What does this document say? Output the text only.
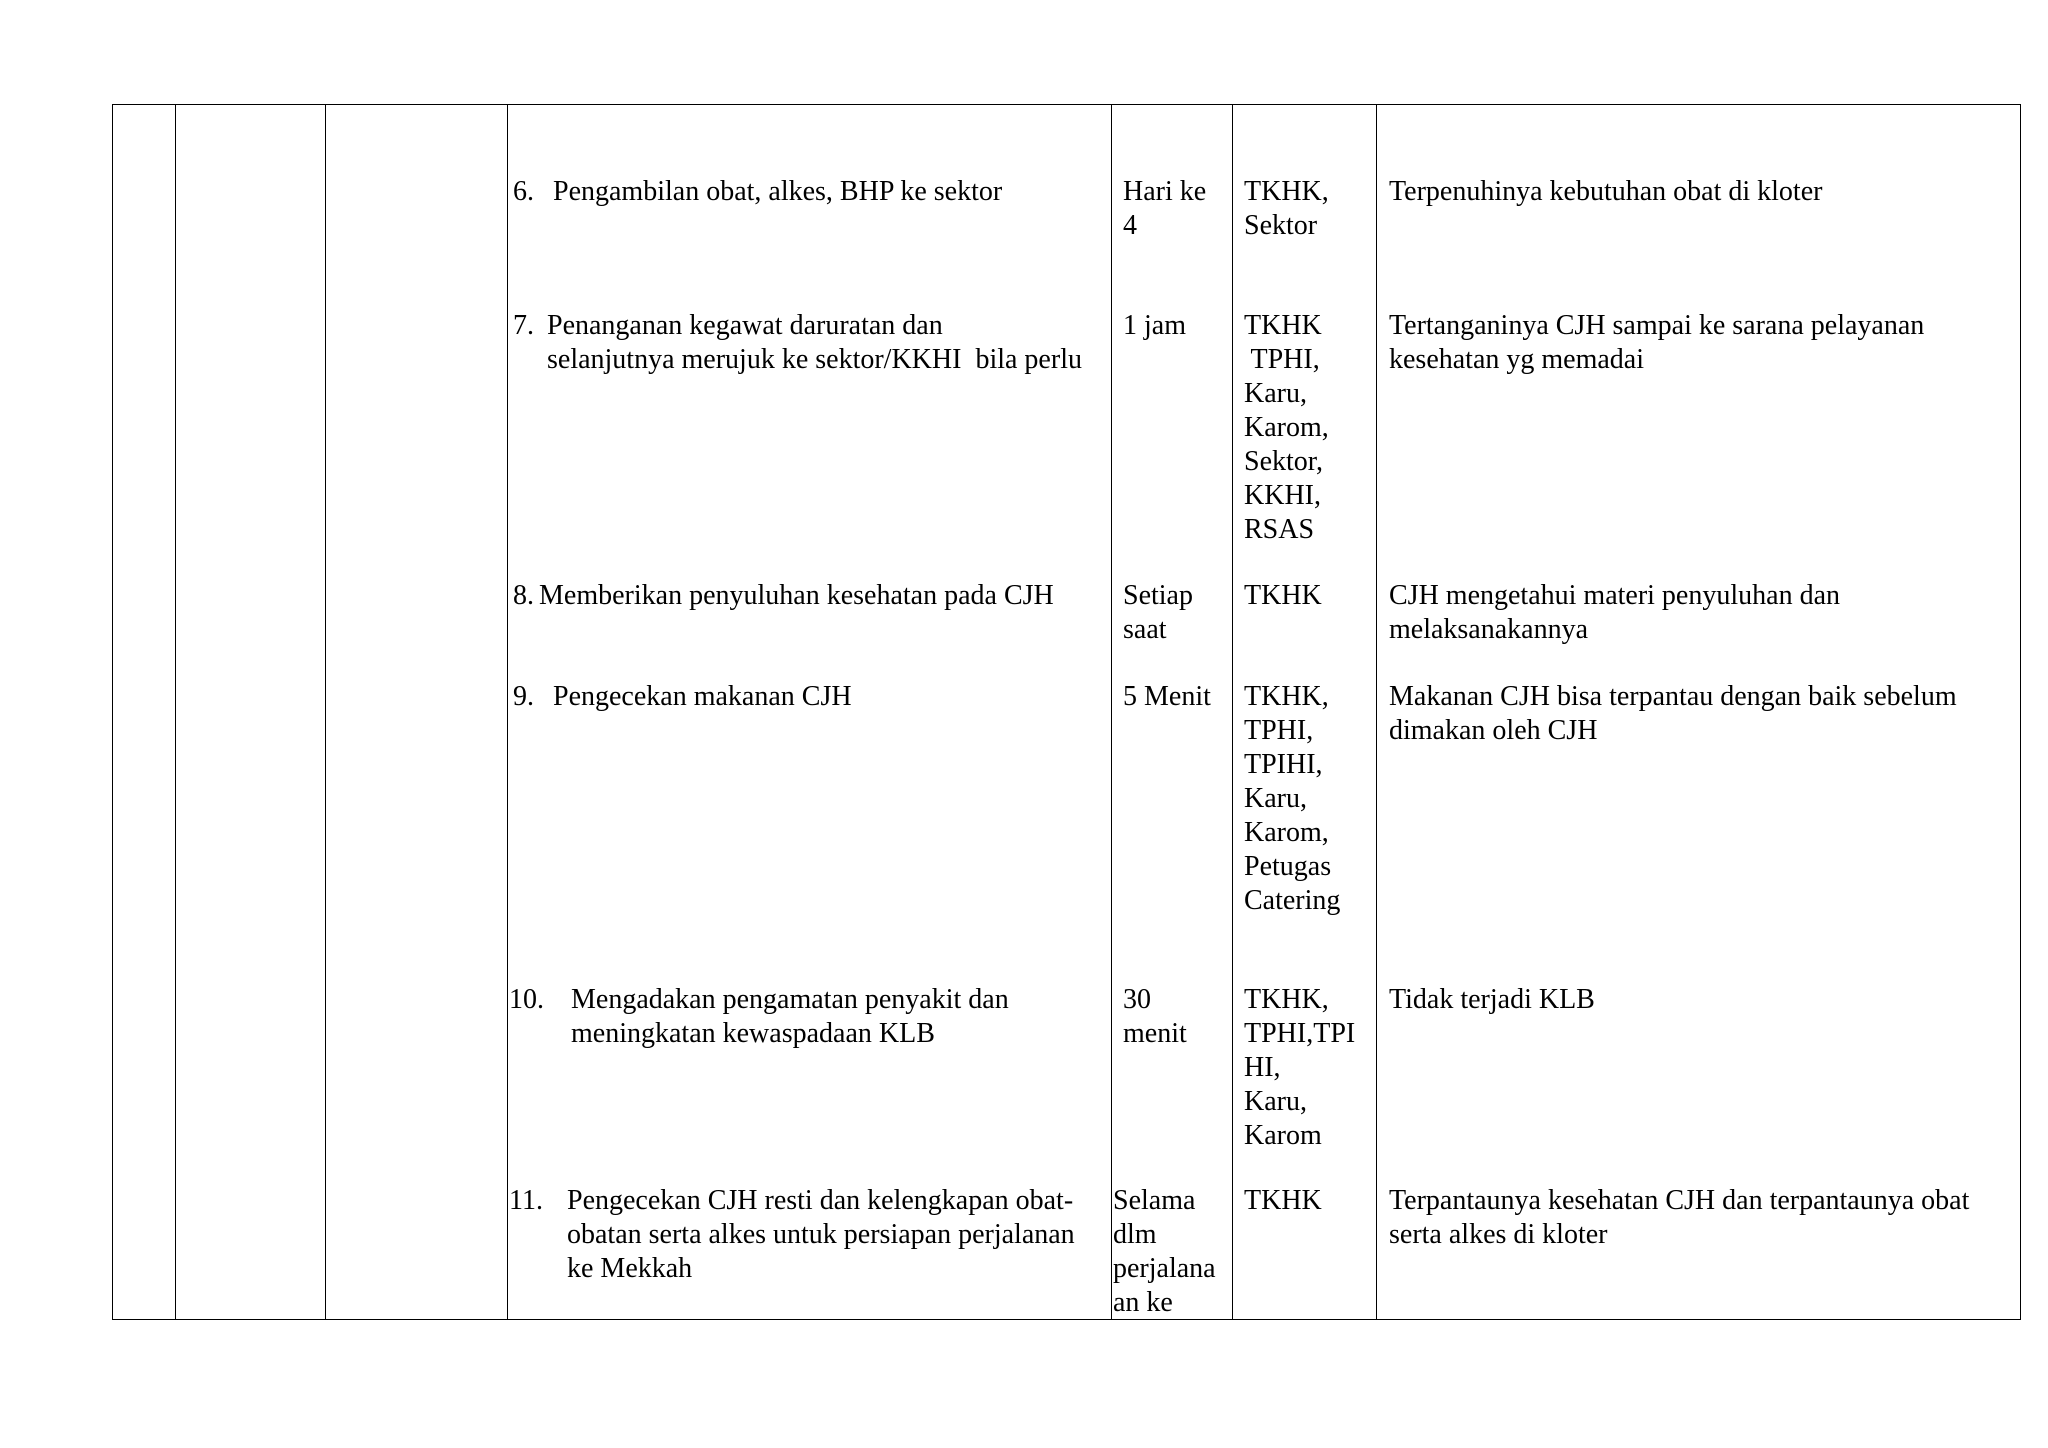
6. Pengambilan obat, alkes, BHP ke sektor	Hari ke
4
TKHK,
Sektor
Terpenuhinya kebutuhan obat di kloter
7. Penanganan kegawat daruratan dan
selanjutnya merujuk ke sektor/KKHI  bila perlu
1 jam TKHK
TPHI,
Karu,
Karom,
Sektor,
KKHI,
RSAS
Tertanganinya CJH sampai ke sarana pelayanan
kesehatan yg memadai
8. Memberikan penyuluhan kesehatan pada CJH Setiap
saat
TKHK CJH mengetahui materi penyuluhan dan
melaksanakannya
9. Pengecekan makanan CJH	5 Menit TKHK,
TPHI,
TPIHI,
Karu,
Karom,
Petugas
Catering
Makanan CJH bisa terpantau dengan baik sebelum
dimakan oleh CJH
10. Mengadakan pengamatan penyakit dan
meningkatan kewaspadaan KLB
30
menit
TKHK,
TPHI,TPI
HI,
Karu,
Karom
Tidak terjadi KLB
11. Pengecekan CJH resti dan kelengkapan obat-
obatan serta alkes untuk persiapan perjalanan
ke Mekkah
Selama
dlm
perjalana
an ke
TKHK Terpantaunya kesehatan CJH dan terpantaunya obat
serta alkes di kloter
